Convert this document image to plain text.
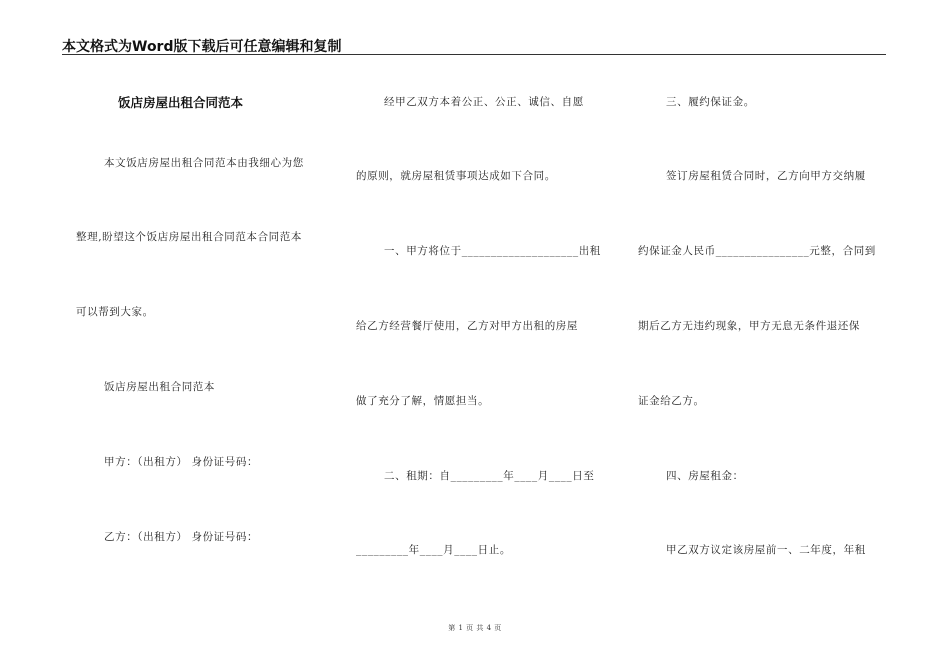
本文格式为Word版下载后可任意编辑和复制
饭店房屋出租合同范本
本文饭店房屋出租合同范本由我细心为您
整理,盼望这个饭店房屋出租合同范本合同范本
可以帮到大家。
饭店房屋出租合同范本
甲方：（出租方） 身份证号码：
乙方：（出租方） 身份证号码：
经甲乙双方本着公正、公正、诚信、自愿
的原则，就房屋租赁事项达成如下合同。
一、甲方将位于____________________出租
给乙方经营餐厅使用，乙方对甲方出租的房屋
做了充分了解，情愿担当。
二、租期：自_________年____月____日至
_________年____月____日止。
三、履约保证金。
签订房屋租赁合同时，乙方向甲方交纳履
约保证金人民币________________元整，合同到
期后乙方无违约现象，甲方无息无条件退还保
证金给乙方。
四、房屋租金：
甲乙双方议定该房屋前一、二年度，年租
第 1 页 共 4 页
